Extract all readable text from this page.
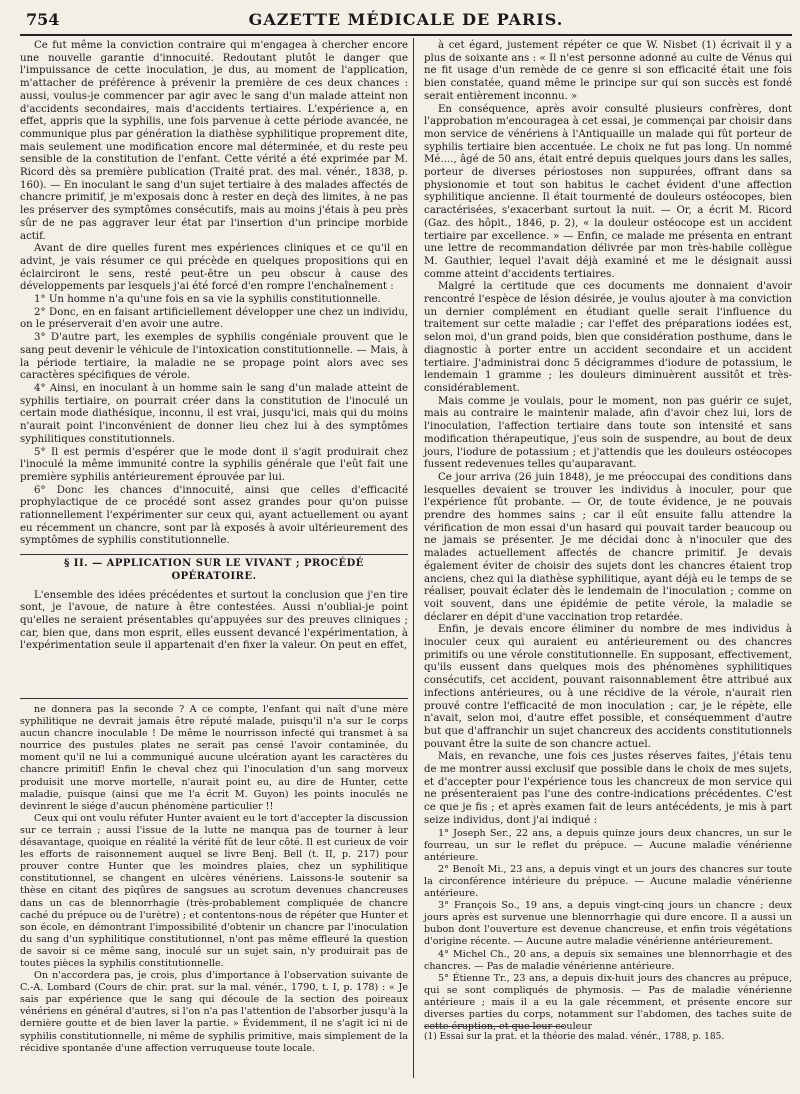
754	GAZETTE MÉDICALE DE PARIS.

Ce fut même la conviction contraire qui m'engagea à chercher encore une nouvelle garantie d'innocuité. Redoutant plutôt le danger que l'impuissance de cette inoculation, je dus, au moment de l'application, m'attacher de préférence à prévenir la première de ces deux chances : aussi, voulus-je commencer par agir avec le sang d'un malade atteint non d'accidents secondaires, mais d'accidents tertiaires. L'expérience a, en effet, appris que la syphilis, une fois parvenue à cette période avancée, ne communique plus par génération la diathèse syphilitique proprement dite, mais seulement une modification encore mal déterminée, et du reste peu sensible de la constitution de l'enfant. Cette vérité a été exprimée par M. Ricord dès sa première publication (Traité prat. des mal. vénér., 1838, p. 160). — En inoculant le sang d'un sujet tertiaire à des malades affectés de chancre primitif, je m'exposais donc à rester en deçà des limites, à ne pas les préserver des symptômes consécutifs, mais au moins j'étais à peu près sûr de ne pas aggraver leur état par l'insertion d'un principe morbide actif.

Avant de dire quelles furent mes expériences cliniques et ce qu'il en advint, je vais résumer ce qui précède en quelques propositions qui en éclairciront le sens, resté peut-être un peu obscur à cause des développements par lesquels j'ai été forcé d'en rompre l'enchaînement :

1° Un homme n'a qu'une fois en sa vie la syphilis constitutionnelle.

2° Donc, en en faisant artificiellement développer une chez un individu, on le préserverait d'en avoir une autre.

3° D'autre part, les exemples de syphilis congéniale prouvent que le sang peut devenir le véhicule de l'intoxication constitutionnelle. — Mais, à la période tertiaire, la maladie ne se propage point alors avec ses caractères spécifiques de vérole.

4° Ainsi, en inoculant à un homme sain le sang d'un malade atteint de syphilis tertiaire, on pourrait créer dans la constitution de l'inoculé un certain mode diathésique, inconnu, il est vrai, jusqu'ici, mais qui du moins n'aurait point l'inconvénient de donner lieu chez lui à des symptômes syphilitiques constitutionnels.

5° Il est permis d'espérer que le mode dont il s'agit produirait chez l'inoculé la même immunité contre la syphilis générale que l'eût fait une première syphilis antérieurement éprouvée par lui.

6° Donc les chances d'innocuité, ainsi que celles d'efficacité prophylactique de ce procédé sont assez grandes pour qu'on puisse rationnellement l'expérimenter sur ceux qui, ayant actuellement ou ayant eu récemment un chancre, sont par là exposés à avoir ultérieurement des symptômes de syphilis constitutionnelle.

§ II. — APPLICATION SUR LE VIVANT ; PROCÉDÉ OPÉRATOIRE.

L'ensemble des idées précédentes et surtout la conclusion que j'en tire sont, je l'avoue, de nature à être contestées. Aussi n'oubliai-je point qu'elles ne seraient présentables qu'appuyées sur des preuves cliniques ; car, bien que, dans mon esprit, elles eussent devancé l'expérimentation, à l'expérimentation seule il appartenait d'en fixer la valeur. On peut en effet,

ne donnera pas la seconde ? A ce compte, l'enfant qui naît d'une mère syphilitique ne devrait jamais être réputé malade, puisqu'il n'a sur le corps aucun chancre inoculable ! De même le nourrisson infecté qui transmet à sa nourrice des pustules plates ne serait pas censé l'avoir contaminée, du moment qu'il ne lui a communiqué aucune ulcération ayant les caractères du chancre primitif! Enfin le cheval chez qui l'inoculation d'un sang morveux produisit une morve mortelle, n'aurait point eu, au dire de Hunter, cette maladie, puisque (ainsi que me l'a écrit M. Guyon) les points inoculés ne devinrent le siége d'aucun phénomène particulier !!

Ceux qui ont voulu réfuter Hunter avaient eu le tort d'accepter la discussion sur ce terrain ; aussi l'issue de la lutte ne manqua pas de tourner à leur désavantage, quoique en réalité la vérité fût de leur côté. Il est curieux de voir les efforts de raisonnement auquel se livre Benj. Bell (t. II, p. 217) pour prouver contre Hunter que les moindres plaies, chez un syphilitique constitutionnel, se changent en ulcères vénériens. Laissons-le soutenir sa thèse en citant des piqûres de sangsues au scrotum devenues chancreuses dans un cas de blennorrhagie (très-probablement compliquée de chancre caché du prépuce ou de l'urètre) ; et contentons-nous de répéter que Hunter et son école, en démontrant l'impossibilité d'obtenir un chancre par l'inoculation du sang d'un syphilitique constitutionnel, n'ont pas même effleuré la question de savoir si ce même sang, inoculé sur un sujet sain, n'y produirait pas de toutes pièces la syphilis constitutionnelle.

On n'accordera pas, je crois, plus d'importance à l'observation suivante de C.-A. Lombard (Cours de chir. prat. sur la mal. vénér., 1790, t. I, p. 178) : « Je sais par expérience que le sang qui découle de la section des poireaux vénériens en général d'autres, si l'on n'a pas l'attention de l'absorber jusqu'à la dernière goutte et de bien laver la partie. » Évidemment, il ne s'agit ici ni de syphilis constitutionnelle, ni même de syphilis primitive, mais simplement de la récidive spontanée d'une affection verruqueuse toute locale.

à cet égard, justement répéter ce que W. Nisbet (1) écrivait il y a plus de soixante ans : « Il n'est personne adonné au culte de Vénus qui ne fit usage d'un remède de ce genre si son efficacité était une fois bien constatée, quand même le principe sur qui son succès est fondé serait entièrement inconnu. »

En conséquence, après avoir consulté plusieurs confrères, dont l'approbation m'encouragea à cet essai, je commençai par choisir dans mon service de vénériens à l'Antiquaille un malade qui fût porteur de syphilis tertiaire bien accentuée. Le choix ne fut pas long. Un nommé Mé...., âgé de 50 ans, était entré depuis quelques jours dans les salles, porteur de diverses périostoses non suppurées, offrant dans sa physionomie et tout son habitus le cachet évident d'une affection syphilitique ancienne. Il était tourmenté de douleurs ostéocopes, bien caractérisées, s'exacerbant surtout la nuit. — Or, a écrit M. Ricord (Gaz. des hôpit., 1846, p. 2), « la douleur ostéocope est un accident tertiaire par excellence. » — Enfin, ce malade me présenta en entrant une lettre de recommandation délivrée par mon très-habile collègue M. Gauthier, lequel l'avait déjà examiné et me le désignait aussi comme atteint d'accidents tertiaires.

Malgré la certitude que ces documents me donnaient d'avoir rencontré l'espèce de lésion désirée, je voulus ajouter à ma conviction un dernier complément en étudiant quelle serait l'influence du traitement sur cette maladie ; car l'effet des préparations iodées est, selon moi, d'un grand poids, bien que considération posthume, dans le diagnostic à porter entre un accident secondaire et un accident tertiaire. J'administrai donc 5 décigrammes d'iodure de potassium, le lendemain 1 gramme ; les douleurs diminuèrent aussitôt et très-considérablement.

Mais comme je voulais, pour le moment, non pas guérir ce sujet, mais au contraire le maintenir malade, afin d'avoir chez lui, lors de l'inoculation, l'affection tertiaire dans toute son intensité et sans modification thérapeutique, j'eus soin de suspendre, au bout de deux jours, l'iodure de potassium ; et j'attendis que les douleurs ostéocopes fussent redevenues telles qu'auparavant.

Ce jour arriva (26 juin 1848), je me préoccupai des conditions dans lesquelles devaient se trouver les individus à inoculer, pour que l'expérience fût probante. — Or, de toute évidence, je ne pouvais prendre des hommes sains ; car il eût ensuite fallu attendre la vérification de mon essai d'un hasard qui pouvait tarder beaucoup ou ne jamais se présenter. Je me décidai donc à n'inoculer que des malades actuellement affectés de chancre primitif. Je devais également éviter de choisir des sujets dont les chancres étaient trop anciens, chez qui la diathèse syphilitique, ayant déjà eu le temps de se réaliser, pouvait éclater dès le lendemain de l'inoculation ; comme on voit souvent, dans une épidémie de petite vérole, la maladie se déclarer en dépit d'une vaccination trop retardée.

Enfin, je devais encore éliminer du nombre de mes individus à inoculer ceux qui auraient eu antérieurement ou des chancres primitifs ou une vérole constitutionnelle. En supposant, effectivement, qu'ils eussent dans quelques mois des phénomènes syphilitiques consécutifs, cet accident, pouvant raisonnablement être attribué aux infections antérieures, ou à une récidive de la vérole, n'aurait rien prouvé contre l'efficacité de mon inoculation ; car, je le répète, elle n'avait, selon moi, d'autre effet possible, et conséquemment d'autre but que d'affranchir un sujet chancreux des accidents constitutionnels pouvant être la suite de son chancre actuel.

Mais, en revanche, une fois ces justes réserves faites, j'étais tenu de me montrer aussi exclusif que possible dans le choix de mes sujets, et d'accepter pour l'expérience tous les chancreux de mon service qui ne présenteraient pas l'une des contre-indications précédentes. C'est ce que je fis ; et après examen fait de leurs antécédents, je mis à part seize individus, dont j'ai indiqué :

1° Joseph Ser., 22 ans, a depuis quinze jours deux chancres, un sur le fourreau, un sur le reflet du prépuce. — Aucune maladie vénérienne antérieure.

2° Benoît Mi., 23 ans, a depuis vingt et un jours des chancres sur toute la circonférence intérieure du prépuce. — Aucune maladie vénérienne antérieure.

3° François So., 19 ans, a depuis vingt-cinq jours un chancre ; deux jours après est survenue une blennorrhagie qui dure encore. Il a aussi un bubon dont l'ouverture est devenue chancreuse, et enfin trois végétations d'origine récente. — Aucune autre maladie vénérienne antérieurement.

4° Michel Ch., 20 ans, a depuis six semaines une blennorrhagie et des chancres. — Pas de maladie vénérienne antérieure.

5° Étienne Tr., 23 ans, a depuis dix-huit jours des chancres au prépuce, qui se sont compliqués de phymosis. — Pas de maladie vénérienne antérieure ; mais il a eu la gale récemment, et présente encore sur diverses parties du corps, notamment sur l'abdomen, des taches suite de cette éruption, et que leur couleur

(1) Essai sur la prat. et la théorie des malad. vénér., 1788, p. 185.
